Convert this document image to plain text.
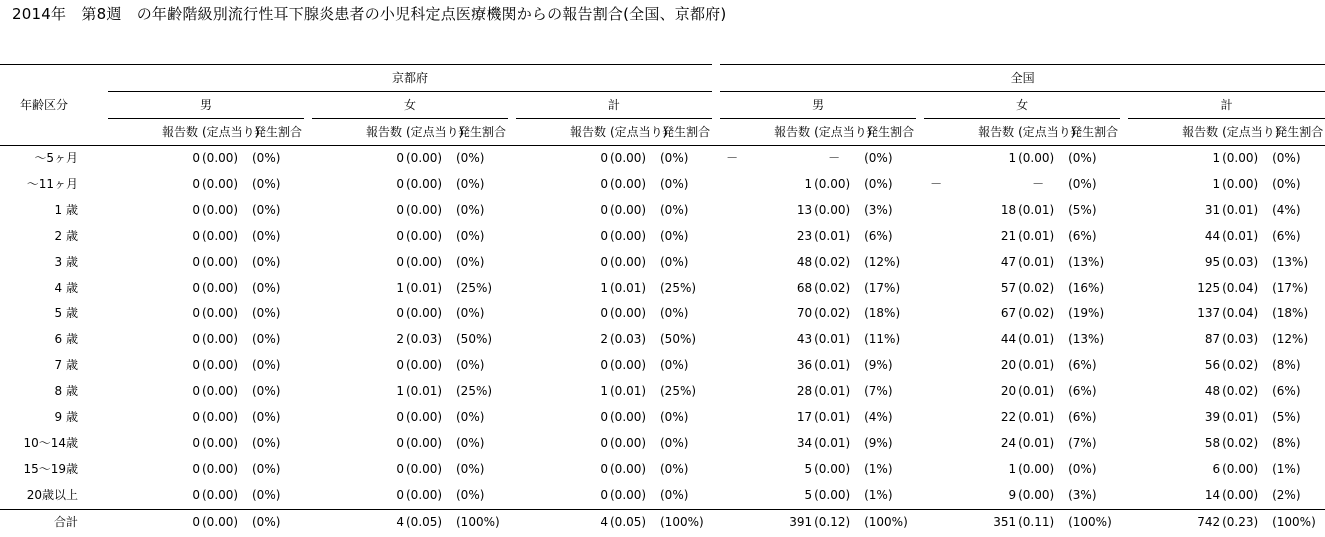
2014年　第8週　の年齢階級別流行性耳下腺炎患者の小児科定点医療機関からの報告割合(全国、京都府)
	京都府												全国										
年齢区分	男				女				計				男				女				計		
	報告数	(定点当り)	発生割合		報告数	(定点当り)	発生割合		報告数	(定点当り)	発生割合		報告数	(定点当り)	発生割合		報告数	(定点当り)	発生割合		報告数	(定点当り)	発生割合
～5ヶ月	0	(0.00)	(0%)		0	(0.00)	(0%)		0	(0.00)	(0%)		－	－	(0%)		1	(0.00)	(0%)		1	(0.00)	(0%)
～11ヶ月	0	(0.00)	(0%)		0	(0.00)	(0%)		0	(0.00)	(0%)		1	(0.00)	(0%)		－	－	(0%)		1	(0.00)	(0%)
1 歳	0	(0.00)	(0%)		0	(0.00)	(0%)		0	(0.00)	(0%)		13	(0.00)	(3%)		18	(0.01)	(5%)		31	(0.01)	(4%)
2 歳	0	(0.00)	(0%)		0	(0.00)	(0%)		0	(0.00)	(0%)		23	(0.01)	(6%)		21	(0.01)	(6%)		44	(0.01)	(6%)
3 歳	0	(0.00)	(0%)		0	(0.00)	(0%)		0	(0.00)	(0%)		48	(0.02)	(12%)		47	(0.01)	(13%)		95	(0.03)	(13%)
4 歳	0	(0.00)	(0%)		1	(0.01)	(25%)		1	(0.01)	(25%)		68	(0.02)	(17%)		57	(0.02)	(16%)		125	(0.04)	(17%)
5 歳	0	(0.00)	(0%)		0	(0.00)	(0%)		0	(0.00)	(0%)		70	(0.02)	(18%)		67	(0.02)	(19%)		137	(0.04)	(18%)
6 歳	0	(0.00)	(0%)		2	(0.03)	(50%)		2	(0.03)	(50%)		43	(0.01)	(11%)		44	(0.01)	(13%)		87	(0.03)	(12%)
7 歳	0	(0.00)	(0%)		0	(0.00)	(0%)		0	(0.00)	(0%)		36	(0.01)	(9%)		20	(0.01)	(6%)		56	(0.02)	(8%)
8 歳	0	(0.00)	(0%)		1	(0.01)	(25%)		1	(0.01)	(25%)		28	(0.01)	(7%)		20	(0.01)	(6%)		48	(0.02)	(6%)
9 歳	0	(0.00)	(0%)		0	(0.00)	(0%)		0	(0.00)	(0%)		17	(0.01)	(4%)		22	(0.01)	(6%)		39	(0.01)	(5%)
10～14歳	0	(0.00)	(0%)		0	(0.00)	(0%)		0	(0.00)	(0%)		34	(0.01)	(9%)		24	(0.01)	(7%)		58	(0.02)	(8%)
15～19歳	0	(0.00)	(0%)		0	(0.00)	(0%)		0	(0.00)	(0%)		5	(0.00)	(1%)		1	(0.00)	(0%)		6	(0.00)	(1%)
20歳以上	0	(0.00)	(0%)		0	(0.00)	(0%)		0	(0.00)	(0%)		5	(0.00)	(1%)		9	(0.00)	(3%)		14	(0.00)	(2%)
合計	0	(0.00)	(0%)		4	(0.05)	(100%)		4	(0.05)	(100%)		391	(0.12)	(100%)		351	(0.11)	(100%)		742	(0.23)	(100%)
